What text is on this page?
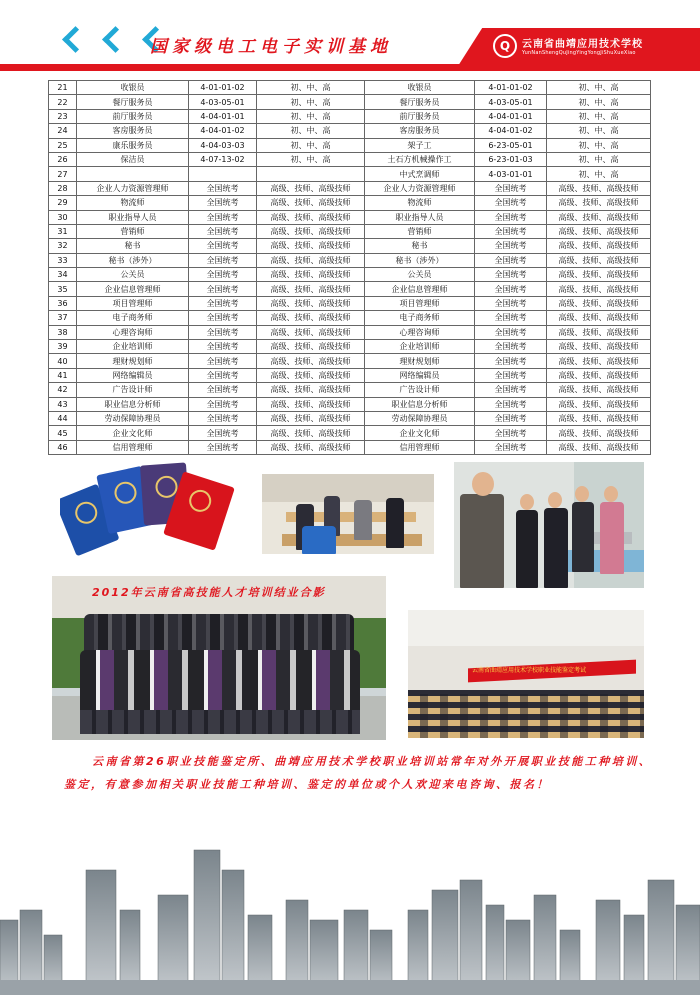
国家级电工电子实训基地	Q	云南省曲靖应用技术学校
YunNanShengQuJingYingYongJiShuXueXiao
21	收银员	4-01-01-02	初、中、高	收银员	4-01-01-02	初、中、高
22	餐厅服务员	4-03-05-01	初、中、高	餐厅服务员	4-03-05-01	初、中、高
23	前厅服务员	4-04-01-01	初、中、高	前厅服务员	4-04-01-01	初、中、高
24	客房服务员	4-04-01-02	初、中、高	客房服务员	4-04-01-02	初、中、高
25	康乐服务员	4-04-03-03	初、中、高	架子工	6-23-05-01	初、中、高
26	保洁员	4-07-13-02	初、中、高	土石方机械操作工	6-23-01-03	初、中、高
27				中式烹调师	4-03-01-01	初、中、高
28	企业人力资源管理师	全国统考	高级、技师、高级技师	企业人力资源管理师	全国统考	高级、技师、高级技师
29	物流师	全国统考	高级、技师、高级技师	物流师	全国统考	高级、技师、高级技师
30	职业指导人员	全国统考	高级、技师、高级技师	职业指导人员	全国统考	高级、技师、高级技师
31	营销师	全国统考	高级、技师、高级技师	营销师	全国统考	高级、技师、高级技师
32	秘书	全国统考	高级、技师、高级技师	秘书	全国统考	高级、技师、高级技师
33	秘书（涉外）	全国统考	高级、技师、高级技师	秘书（涉外）	全国统考	高级、技师、高级技师
34	公关员	全国统考	高级、技师、高级技师	公关员	全国统考	高级、技师、高级技师
35	企业信息管理师	全国统考	高级、技师、高级技师	企业信息管理师	全国统考	高级、技师、高级技师
36	项目管理师	全国统考	高级、技师、高级技师	项目管理师	全国统考	高级、技师、高级技师
37	电子商务师	全国统考	高级、技师、高级技师	电子商务师	全国统考	高级、技师、高级技师
38	心理咨询师	全国统考	高级、技师、高级技师	心理咨询师	全国统考	高级、技师、高级技师
39	企业培训师	全国统考	高级、技师、高级技师	企业培训师	全国统考	高级、技师、高级技师
40	理财规划师	全国统考	高级、技师、高级技师	理财规划师	全国统考	高级、技师、高级技师
41	网络编辑员	全国统考	高级、技师、高级技师	网络编辑员	全国统考	高级、技师、高级技师
42	广告设计师	全国统考	高级、技师、高级技师	广告设计师	全国统考	高级、技师、高级技师
43	职业信息分析师	全国统考	高级、技师、高级技师	职业信息分析师	全国统考	高级、技师、高级技师
44	劳动保障协理员	全国统考	高级、技师、高级技师	劳动保障协理员	全国统考	高级、技师、高级技师
45	企业文化师	全国统考	高级、技师、高级技师	企业文化师	全国统考	高级、技师、高级技师
46	信用管理师	全国统考	高级、技师、高级技师	信用管理师	全国统考	高级、技师、高级技师
2012年云南省高技能人才培训结业合影
云南省曲靖应用技术学校职业技能鉴定考试
云南省第26职业技能鉴定所、曲靖应用技术学校职业培训站常年对外开展职业技能工种培训、鉴定，有意参加相关职业技能工种培训、鉴定的单位或个人欢迎来电咨询、报名！
